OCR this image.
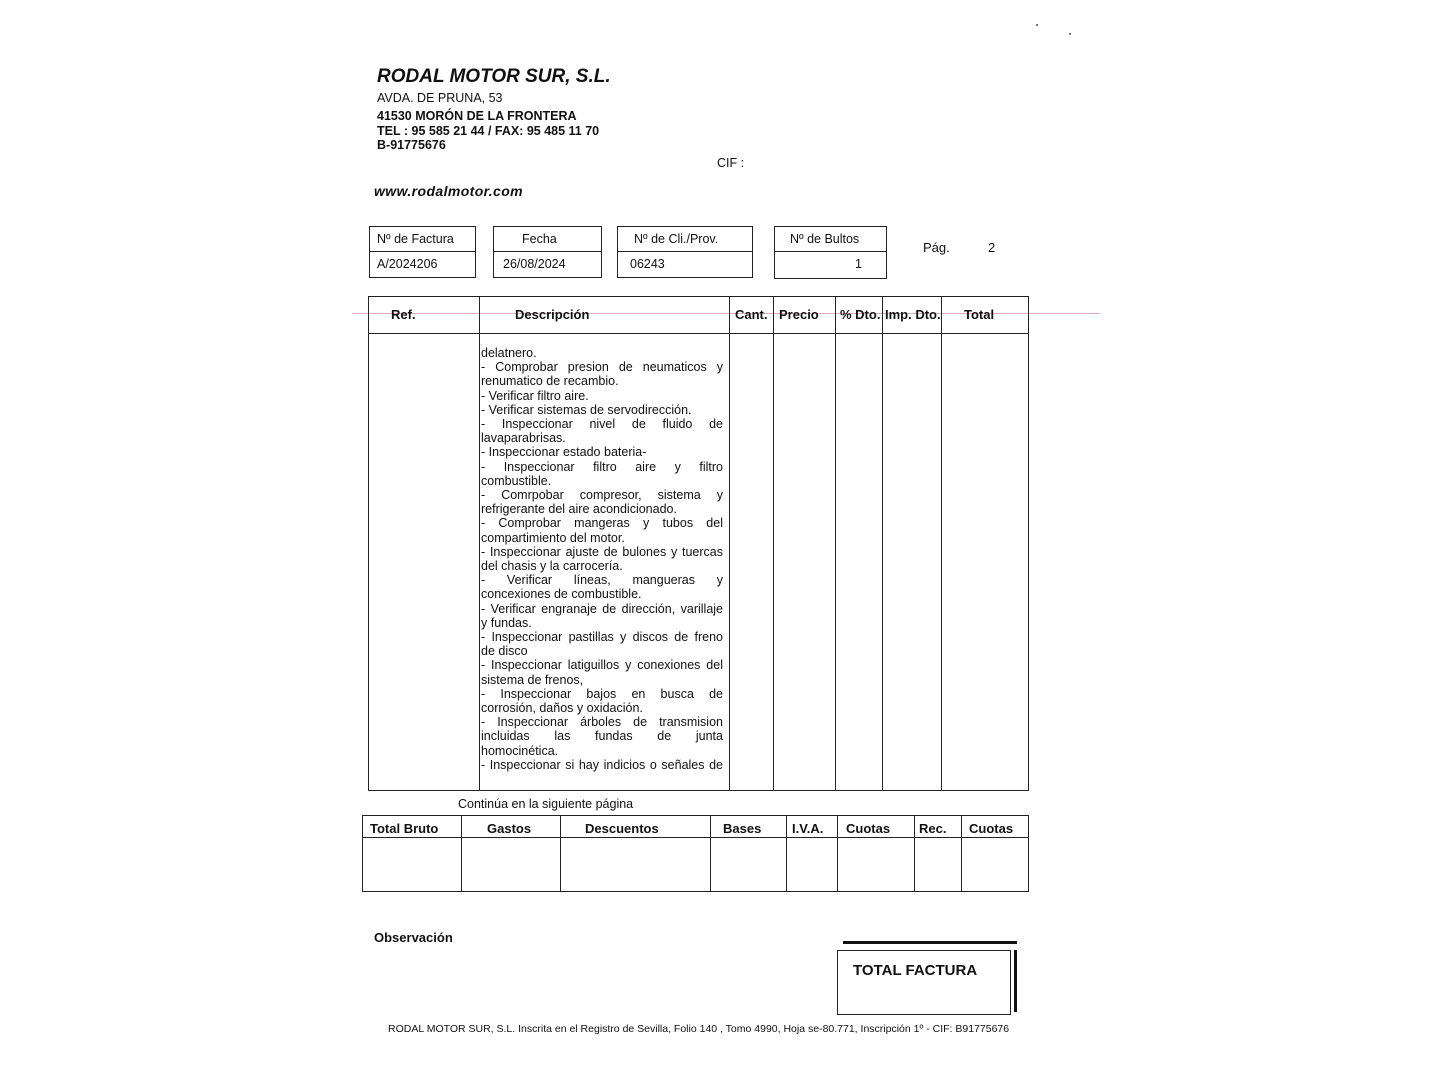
RODAL MOTOR SUR, S.L.
AVDA. DE PRUNA, 53
41530 MORÓN DE LA FRONTERA
TEL : 95 585 21 44 / FAX: 95 485 11 70
B-91775676
CIF :
www.rodalmotor.com
Nº de Factura
A/2024206
Fecha
26/08/2024
Nº de Cli./Prov.
06243
Nº de Bultos
1
Pág.	2
Ref.	Descripción	Cant. Precio % Dto. Imp. Dto. Total
delatnero.
- Comprobar presion de neumaticos y
renumatico de recambio.
- Verificar filtro aire.
- Verificar sistemas de servodirección.
- Inspeccionar nivel de fluido de
lavaparabrisas.
- Inspeccionar estado bateria-
- Inspeccionar filtro aire y filtro
combustible.
- Comrpobar compresor, sistema y
refrigerante del aire acondicionado.
- Comprobar mangeras y tubos del
compartimiento del motor.
- Inspeccionar ajuste de bulones y tuercas
del chasis y la carrocería.
- Verificar líneas, mangueras y
concexiones de combustible.
- Verificar engranaje de dirección, varillaje
y fundas.
- Inspeccionar pastillas y discos de freno
de disco
- Inspeccionar latiguillos y conexiones del
sistema de frenos,
- Inspeccionar bajos en busca de
corrosión, daños y oxidación.
- Inspeccionar árboles de transmision
incluidas las fundas de junta
homocinética.
- Inspeccionar si hay indicios o señales de
Continúa en la siguiente página
Total Bruto	Gastos	Descuentos	Bases I.V.A. Cuotas Rec. Cuotas
Observación
TOTAL FACTURA
RODAL MOTOR SUR, S.L. Inscrita en el Registro de Sevilla, Folio 140 , Tomo 4990, Hoja se-80.771, Inscripción 1º - CIF: B91775676
